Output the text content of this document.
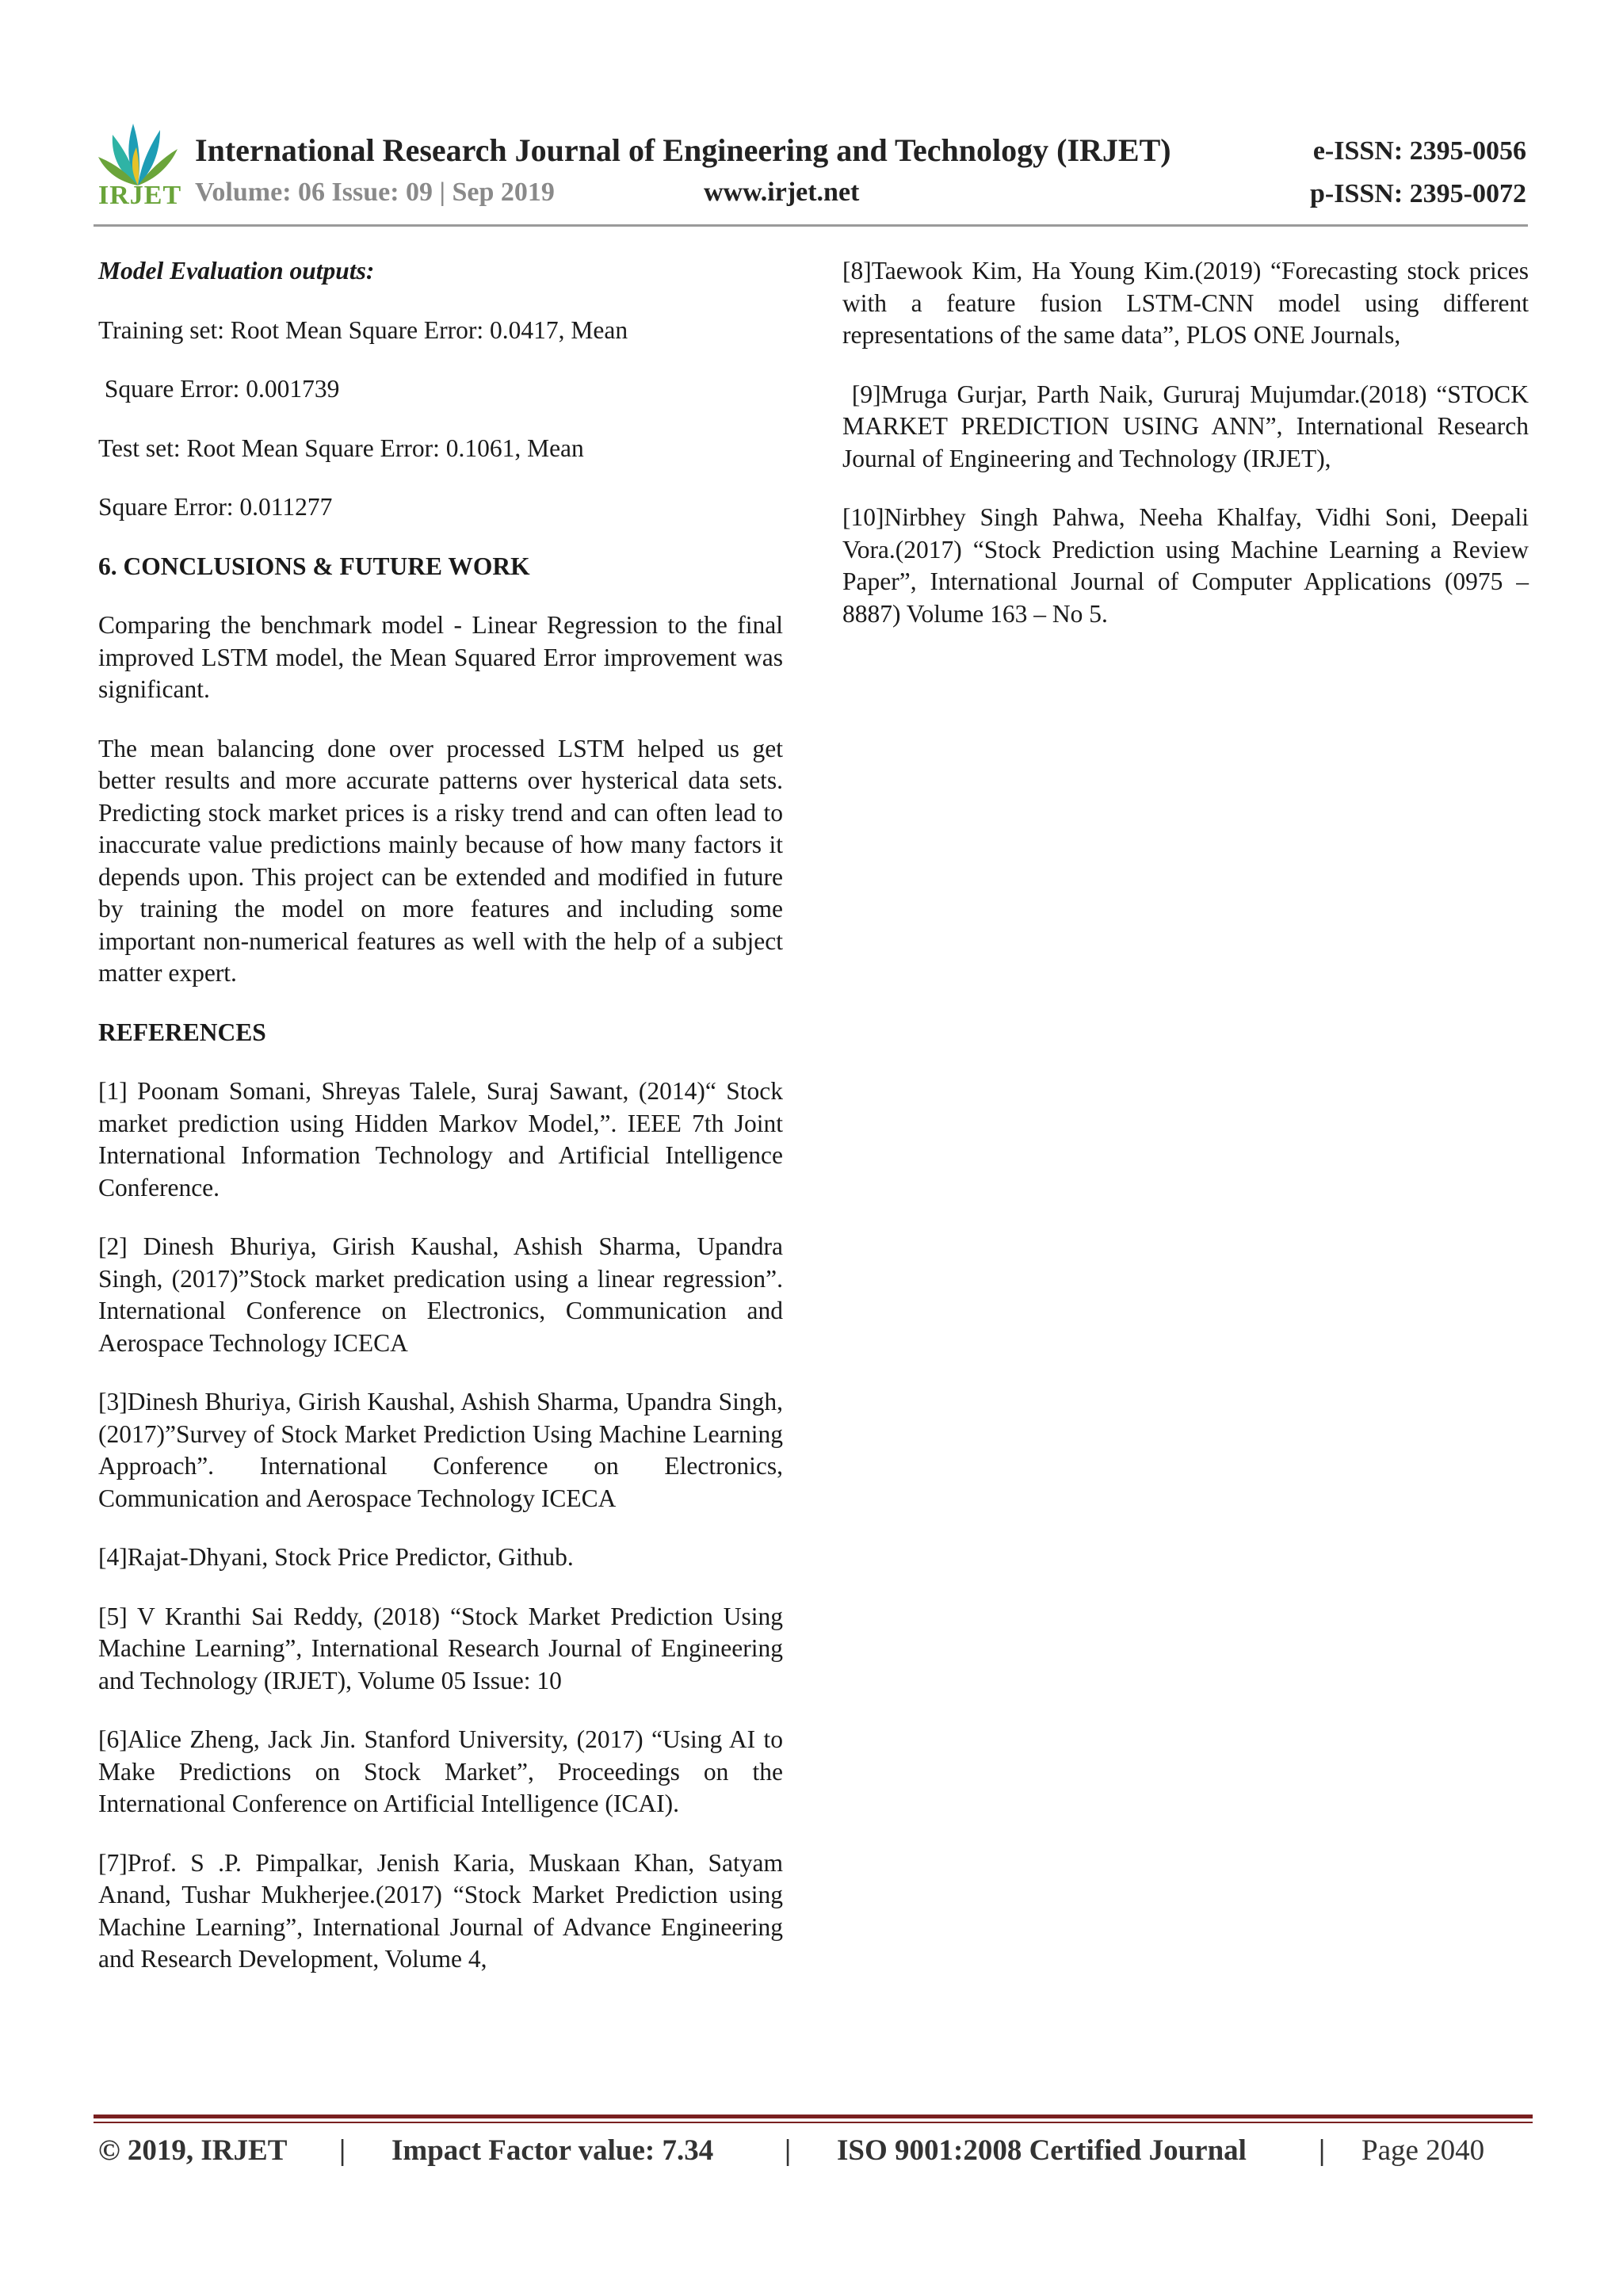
IRJET
International Research Journal of Engineering and Technology (IRJET)	e-ISSN: 2395-0056
Volume: 06 Issue: 09 | Sep 2019	www.irjet.net	p-ISSN: 2395-0072

Model Evaluation outputs:

Training set: Root Mean Square Error: 0.0417, Mean

Square Error: 0.001739

Test set: Root Mean Square Error: 0.1061, Mean

Square Error: 0.011277

6. CONCLUSIONS & FUTURE WORK

Comparing the benchmark model - Linear Regression to the final improved LSTM model, the Mean Squared Error improvement was significant.

The mean balancing done over processed LSTM helped us get better results and more accurate patterns over hysterical data sets. Predicting stock market prices is a risky trend and can often lead to inaccurate value predictions mainly because of how many factors it depends upon. This project can be extended and modified in future by training the model on more features and including some important non-numerical features as well with the help of a subject matter expert.

REFERENCES

[1] Poonam Somani, Shreyas Talele, Suraj Sawant, (2014)“ Stock market prediction using Hidden Markov Model,”. IEEE 7th Joint International Information Technology and Artificial Intelligence Conference.

[2] Dinesh Bhuriya, Girish Kaushal, Ashish Sharma, Upandra Singh, (2017)”Stock market predication using a linear regression”. International Conference on Electronics, Communication and Aerospace Technology ICECA

[3]Dinesh Bhuriya, Girish Kaushal, Ashish Sharma, Upandra Singh, (2017)”Survey of Stock Market Prediction Using Machine Learning Approach”. International Conference on Electronics, Communication and Aerospace Technology ICECA

[4]Rajat-Dhyani, Stock Price Predictor, Github.

[5] V Kranthi Sai Reddy, (2018) “Stock Market Prediction Using Machine Learning”, International Research Journal of Engineering and Technology (IRJET), Volume 05 Issue: 10

[6]Alice Zheng, Jack Jin. Stanford University, (2017) “Using AI to Make Predictions on Stock Market”, Proceedings on the International Conference on Artificial Intelligence (ICAI).

[7]Prof. S .P. Pimpalkar, Jenish Karia, Muskaan Khan, Satyam Anand, Tushar Mukherjee.(2017) “Stock Market Prediction using Machine Learning”, International Journal of Advance Engineering and Research Development, Volume 4,

[8]Taewook Kim, Ha Young Kim.(2019) “Forecasting stock prices with a feature fusion LSTM-CNN model using different representations of the same data”, PLOS ONE Journals,

[9]Mruga Gurjar, Parth Naik, Gururaj Mujumdar.(2018) “STOCK MARKET PREDICTION USING ANN”, International Research Journal of Engineering and Technology (IRJET),

[10]Nirbhey Singh Pahwa, Neeha Khalfay, Vidhi Soni, Deepali Vora.(2017) “Stock Prediction using Machine Learning a Review Paper”, International Journal of Computer Applications (0975 – 8887) Volume 163 – No 5.

© 2019, IRJET | Impact Factor value: 7.34 | ISO 9001:2008 Certified Journal | Page 2040
